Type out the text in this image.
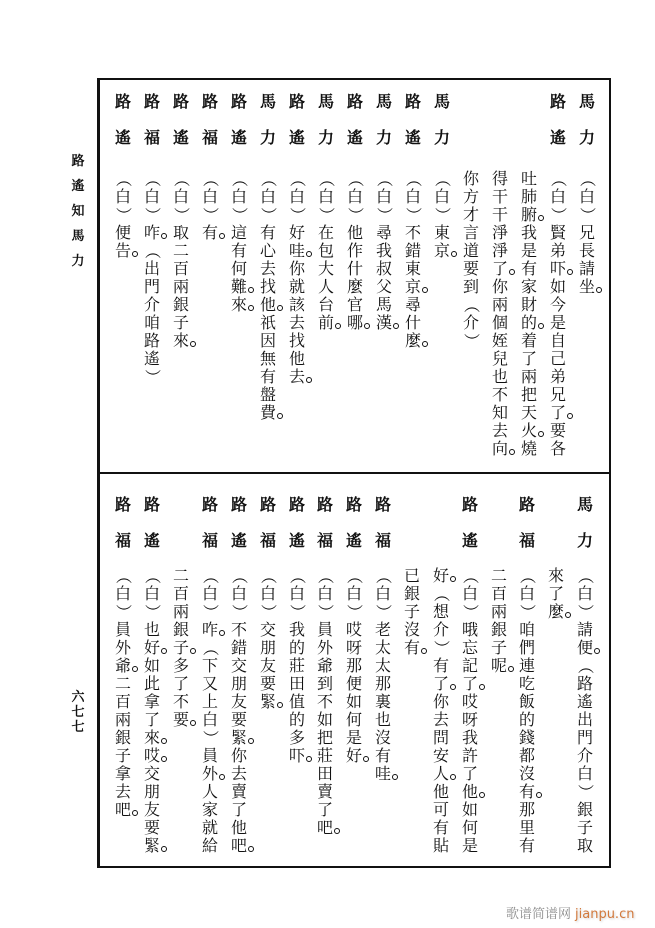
路
遙
知
馬
力
六
七
七
馬
力
（
白
）
兄
長
請
坐
路
遙
（
白
）
賢
弟
吓
如
今
是
自
己
弟
兄
了
要
各
吐
肺
腑
我
是
有
家
財
的
着
了
兩
把
天
火
燒
得
干
干
淨
淨
了
你
兩
個
姪
兒
也
不
知
去
向
你
方
才
言
道
要
到
（
介
）
馬
力
（
白
）
東
京
路
遙
（
白
）
不
錯
東
京
尋
什
麼
馬
力
（
白
）
尋
我
叔
父
馬
漢
路
遙
（
白
）
他
作
什
麼
官
哪
馬
力
（
白
）
在
包
大
人
台
前
路
遙
（
白
）
好
哇
你
就
該
去
找
他
去
馬
力
（
白
）
有
心
去
找
他
祇
因
無
有
盤
費
路
遙
（
白
）
這
有
何
難
來
路
福
（
白
）
有
路
遙
（
白
）
取
二
百
兩
銀
子
來
路
福
（
白
）
咋
（
出
門
介
咱
路
遙
）
路
遙
（
白
）
便
告
馬
力
（
白
）
請
便
（
路
遙
出
門
介
白
）
銀
子
取
來
了
麼
路
福
（
白
）
咱
們
連
吃
飯
的
錢
都
沒
有
那
里
有
二
百
兩
銀
子
呢
路
遙
（
白
）
哦
忘
記
了
哎
呀
我
許
了
他
如
何
是
好
（
想
介
）
有
了
你
去
問
安
人
他
可
有
貼
已
銀
子
沒
有
路
福
（
白
）
老
太
太
那
裏
也
沒
有
哇
路
遙
（
白
）
哎
呀
那
便
如
何
是
好
路
福
（
白
）
員
外
爺
到
不
如
把
莊
田
賣
了
吧
路
遙
（
白
）
我
的
莊
田
值
的
多
吓
路
福
（
白
）
交
朋
友
要
緊
路
遙
（
白
）
不
錯
交
朋
友
要
緊
你
去
賣
了
他
吧
路
福
（
白
）
咋
（
下
又
上
白
）
員
外
人
家
就
給
二
百
兩
銀
子
多
了
不
要
路
遙
（
白
）
也
好
如
此
拿
了
來
哎
交
朋
友
要
緊
路
福
（
白
）
員
外
爺
二
百
兩
銀
子
拿
去
吧
歌谱简谱网 jianpu.cn
